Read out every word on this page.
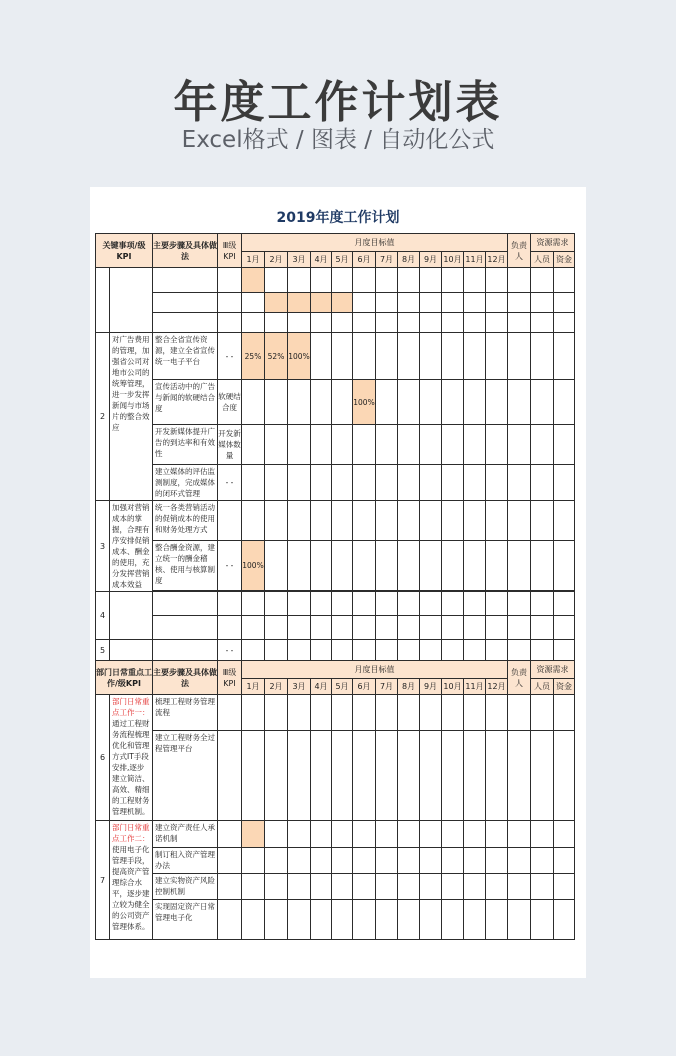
年度工作计划表
Excel格式 / 图表 / 自动化公式
2019年度工作计划
关键事项/级KPI		主要步骤及具体做法	Ⅲ级KPI	月度目标值												负责人	资源需求	
				1月	2月	3月	4月	5月	6月	7月	8月	9月	10月	11月	12月		人员	资金

2	对广告费用的管理，加强省公司对地市公司的统筹管理，进一步发挥新闻与市场片的整合效应	整合全省宣传资源，建立全省宣传统一电子平台	- -	25%	52%	100%												
		宣传活动中的广告与新闻的软硬结合度	软硬结合度						100%									
		开发新媒体提升广告的到达率和有效性	开发新媒体数量															
		建立媒体的评估监测制度，完成媒体的闭环式管理	- -															
3	加强对营销成本的掌握，合理有序安排促销成本、酬金的使用，充分发挥营销成本效益	统一各类营销活动的促销成本的使用和财务处理方式																
		整合酬金资源，建立统一的酬金稽核、使用与核算制度	- -	100%														

4																		

5			- -															
部门日常重点工作/级KPI		主要步骤及具体做法	Ⅲ级KPI	月度目标值												负责人	资源需求	
				1月	2月	3月	4月	5月	6月	7月	8月	9月	10月	11月	12月		人员	资金
6	部门日常重点工作一：通过工程财务流程梳理优化和管理方式IT手段安排,逐步建立简洁、高效、精细的工程财务管理机制。	梳理工程财务管理流程																
		建立工程财务全过程管理平台																
7	部门日常重点工作二：使用电子化管理手段，提高资产管理综合水平，逐步建立较为健全的公司资产管理体系。	建立资产责任人承诺机制																
		制订租入资产管理办法																
		建立实物资产风险控制机制																
		实现固定资产日常管理电子化																
